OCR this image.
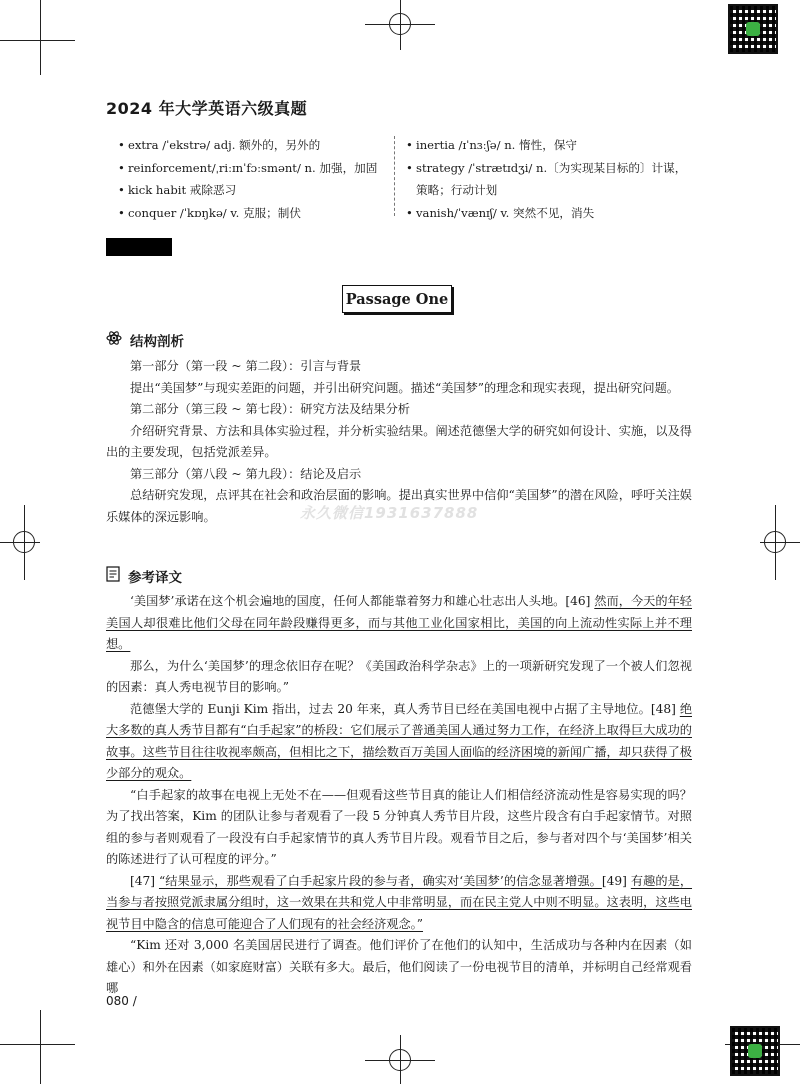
2024 年大学英语六级真题
• extra /ˈekstrə/ adj. 额外的，另外的
• reinforcement/ˌriːɪnˈfɔːsmənt/ n. 加强，加固
• kick habit 戒除恶习
• conquer /ˈkɒŋkə/ v. 克服；制伏
• inertia /ɪˈnɜːʃə/ n. 惰性，保守
• strategy /ˈstrætɪdʒi/ n.〔为实现某目标的〕计谋，
策略；行动计划
• vanish/ˈvænɪʃ/ v. 突然不见，消失
Passage One
结构剖析

第一部分（第一段 ~ 第二段）：引言与背景

提出“美国梦”与现实差距的问题，并引出研究问题。描述“美国梦”的理念和现实表现，提出研究问题。

第二部分（第三段 ~ 第七段）：研究方法及结果分析

介绍研究背景、方法和具体实验过程，并分析实验结果。阐述范德堡大学的研究如何设计、实施，以及得出的主要发现，包括党派差异。

第三部分（第八段 ~ 第九段）：结论及启示

总结研究发现，点评其在社会和政治层面的影响。提出真实世界中信仰“美国梦”的潜在风险，呼吁关注娱乐媒体的深远影响。	永久微信1931637888
参考译文

‘美国梦’承诺在这个机会遍地的国度，任何人都能靠着努力和雄心壮志出人头地。[46] 然而，今天的年轻美国人却很难比他们父母在同年龄段赚得更多，而与其他工业化国家相比，美国的向上流动性实际上并不理想。

那么，为什么‘美国梦’的理念依旧存在呢？《美国政治科学杂志》上的一项新研究发现了一个被人们忽视的因素：真人秀电视节目的影响。”

范德堡大学的 Eunji Kim 指出，过去 20 年来，真人秀节目已经在美国电视中占据了主导地位。[48] 绝大多数的真人秀节目都有“白手起家”的桥段：它们展示了普通美国人通过努力工作，在经济上取得巨大成功的故事。这些节目往往收视率颇高，但相比之下，描绘数百万美国人面临的经济困境的新闻广播，却只获得了极少部分的观众。

“白手起家的故事在电视上无处不在——但观看这些节目真的能让人们相信经济流动性是容易实现的吗？为了找出答案，Kim 的团队让参与者观看了一段 5 分钟真人秀节目片段，这些片段含有白手起家情节。对照组的参与者则观看了一段没有白手起家情节的真人秀节目片段。观看节目之后，参与者对四个与‘美国梦’相关的陈述进行了认可程度的评分。”

[47] “结果显示，那些观看了白手起家片段的参与者，确实对‘美国梦’的信念显著增强。[49] 有趣的是，当参与者按照党派隶属分组时，这一效果在共和党人中非常明显，而在民主党人中则不明显。这表明，这些电视节目中隐含的信息可能迎合了人们现有的社会经济观念。”

“Kim 还对 3,000 名美国居民进行了调查。他们评价了在他们的认知中，生活成功与各种内在因素（如雄心）和外在因素（如家庭财富）关联有多大。最后，他们阅读了一份电视节目的清单，并标明自己经常观看哪

080 /
